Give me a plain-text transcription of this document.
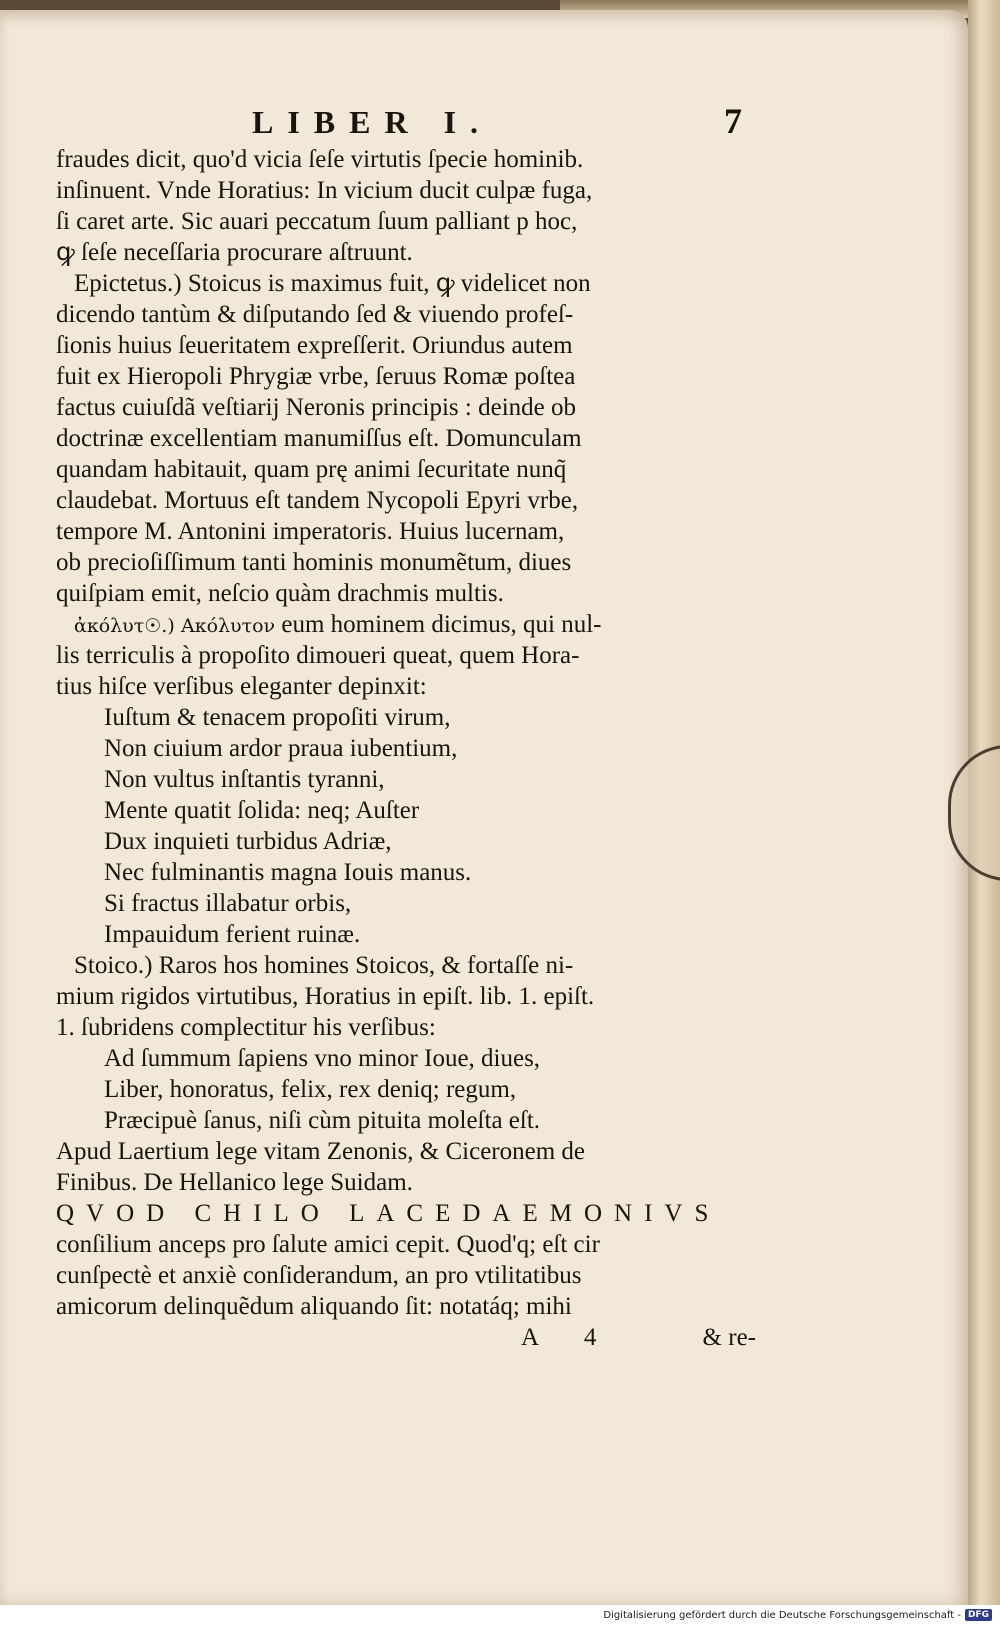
LIBER I.	7
fraudes dicit, quo'd vicia ſeſe virtutis ſpecie hominib.
inſinuent. Vnde Horatius: In vicium ducit culpæ fuga,
ſi caret arte. Sic auari peccatum ſuum palliant p hoc,
ꝙ ſeſe neceſſaria procurare aſtruunt.
Epictetus.) Stoicus is maximus fuit, ꝙ videlicet non
dicendo tantùm & diſputando ſed & viuendo profeſ-
ſionis huius ſeueritatem expreſſerit. Oriundus autem
fuit ex Hieropoli Phrygiæ vrbe, ſeruus Romæ poſtea
factus cuiuſdã veſtiarij Neronis principis : deinde ob
doctrinæ excellentiam manumiſſus eſt. Domunculam
quandam habitauit, quam prę animi ſecuritate nunq̃
claudebat. Mortuus eſt tandem Nycopoli Epyri vrbe,
tempore M. Antonini imperatoris. Huius lucernam,
ob precioſiſſimum tanti hominis monumẽtum, diues
quiſpiam emit, neſcio quàm drachmis multis.
ἀκόλυτ☉.) Ακόλυτον eum hominem dicimus, qui nul-
lis terriculis à propoſito dimoueri queat, quem Hora-
tius hiſce verſibus eleganter depinxit:
Iuſtum & tenacem propoſiti virum,
Non ciuium ardor praua iubentium,
Non vultus inſtantis tyranni,
Mente quatit ſolida: neq; Auſter
Dux inquieti turbidus Adriæ,
Nec fulminantis magna Iouis manus.
Si fractus illabatur orbis,
Impauidum ferient ruinæ.
Stoico.) Raros hos homines Stoicos, & fortaſſe ni-
mium rigidos virtutibus, Horatius in epiſt. lib. 1. epiſt.
1. ſubridens complectitur his verſibus:
Ad ſummum ſapiens vno minor Ioue, diues,
Liber, honoratus, felix, rex deniq; regum,
Præcipuè ſanus, niſi cùm pituita moleſta eſt.
Apud Laertium lege vitam Zenonis, & Ciceronem de
Finibus. De Hellanico lege Suidam.
QVOD CHILO LACEDAEMONIVS
conſilium anceps pro ſalute amici cepit. Quod'q; eſt cir
cunſpectè et anxiè conſiderandum, an pro vtilitatibus
amicorum delinquẽdum aliquando ſit: notatáq; mihi
A 4	& re-
Digitalisierung gefördert durch die Deutsche Forschungsgemeinschaft - DFG
